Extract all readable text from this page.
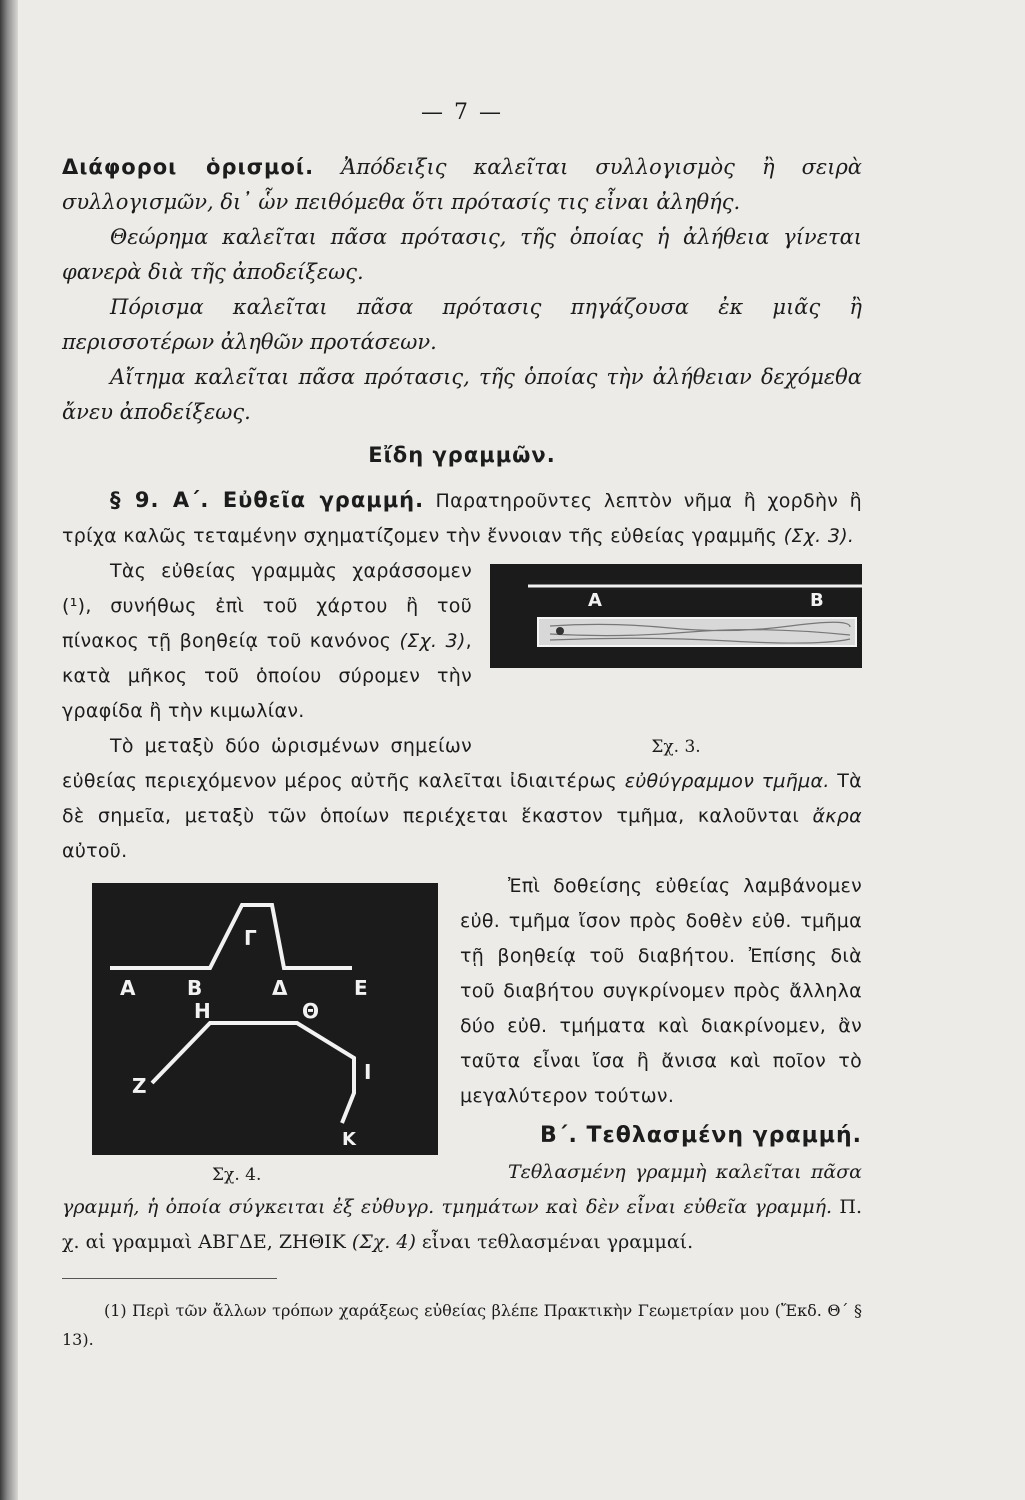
— 7 —

Διάφοροι ὁρισμοί. Ἀπόδειξις καλεῖται συλλογισμὸς ἢ σειρὰ συλλογισμῶν, δι᾽ ὧν πειθόμεθα ὅτι πρότασίς τις εἶναι ἀληθής.

Θεώρημα καλεῖται πᾶσα πρότασις, τῆς ὁποίας ἡ ἀλήθεια γίνεται φανερὰ διὰ τῆς ἀποδείξεως.

Πόρισμα καλεῖται πᾶσα πρότασις πηγάζουσα ἐκ μιᾶς ἢ περισσοτέρων ἀληθῶν προτάσεων.

Αἴτημα καλεῖται πᾶσα πρότασις, τῆς ὁποίας τὴν ἀλήθειαν δεχόμεθα ἄνευ ἀποδείξεως.

Εἴδη γραμμῶν.

§ 9. Α΄. Εὐθεῖα γραμμή. Παρατηροῦντες λεπτὸν νῆμα ἢ χορδὴν ἢ τρίχα καλῶς τεταμένην σχηματίζομεν τὴν ἔννοιαν τῆς εὐθείας γραμμῆς (Σχ. 3).

Α	Β

Τὰς εὐθείας γραμμὰς χαράσσομεν (¹), συνήθως ἐπὶ τοῦ χάρτου ἢ τοῦ πίνακος τῇ βοηθείᾳ τοῦ κανόνος (Σχ. 3), κατὰ μῆκος τοῦ ὁποίου σύρομεν τὴν γραφίδα ἢ τὴν κιμωλίαν.

Σχ. 3.

Τὸ μεταξὺ δύο ὡρισμένων σημείων εὐθείας περιεχόμενον μέρος αὐτῆς καλεῖται ἰδιαιτέρως εὐθύγραμμον τμῆμα. Τὰ δὲ σημεῖα, μεταξὺ τῶν ὁποίων περιέχεται ἕκαστον τμῆμα, καλοῦνται ἄκρα αὐτοῦ.

Α	Β
Γ
Δ	Ε
Ζ
Η	Θ
Ι
Κ
Σχ. 4.

Ἐπὶ δοθείσης εὐθείας λαμβάνομεν εὐθ. τμῆμα ἴσον πρὸς δοθὲν εὐθ. τμῆμα τῇ βοηθείᾳ τοῦ διαβήτου. Ἐπίσης διὰ τοῦ διαβήτου συγκρίνομεν πρὸς ἄλληλα δύο εὐθ. τμήματα καὶ διακρίνομεν, ἂν ταῦτα εἶναι ἴσα ἢ ἄνισα καὶ ποῖον τὸ μεγαλύτερον τούτων.

Β΄. Τεθλασμένη γραμμή.

Τεθλασμένη γραμμὴ καλεῖται πᾶσα γραμμή, ἡ ὁποία σύγκειται ἐξ εὐθυγρ. τμημάτων καὶ δὲν εἶναι εὐθεῖα γραμμή. Π. χ. αἱ γραμμαὶ ΑΒΓΔΕ, ΖΗΘΙΚ (Σχ. 4) εἶναι τεθλασμέναι γραμμαί.

(1) Περὶ τῶν ἄλλων τρόπων χαράξεως εὐθείας βλέπε Πρακτικὴν Γεωμετρίαν μου (Ἔκδ. Θ΄ § 13).
